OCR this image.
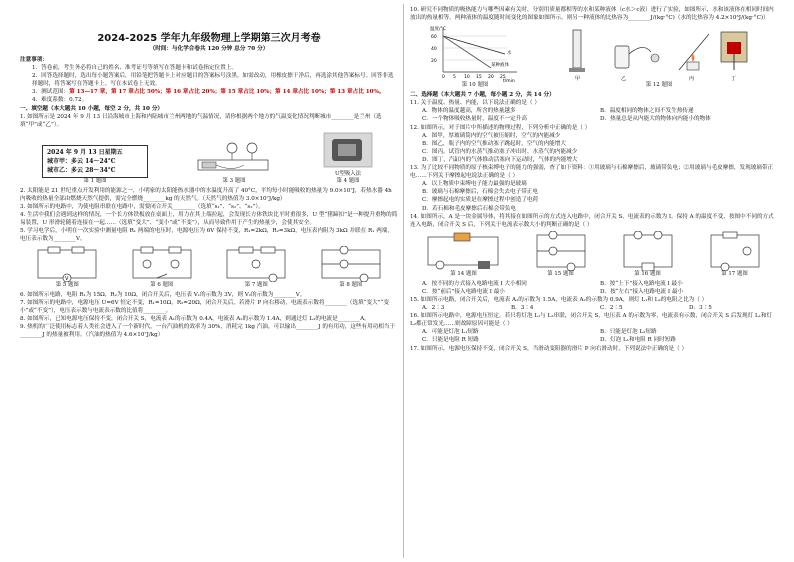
2024-2025 学年九年级物理上学期第三次月考卷
（时间：与化学合卷共 120 分钟 总分 70 分）

注意事项：

1．答卷前，考生务必将自己的姓名、准考证号等填写在答题卡和试卷指定位置上。

2．回答选择题时，选出每小题答案后，用铅笔把答题卡上对应题目的答案标号涂黑。如需改动，用橡皮擦干净后，再选涂其他答案标号。回答非选择题时，将答案写在答题卡上。写在本试卷上无效。

3．测试范围：第 13—17 章，第 17 章占比 50%；第 16 章占比 20%；第 15 章占比 10%；第 14 章占比 10%；第 13 章占比 10%。

4．难度系数：0.72。

一、填空题（本大题共 10 小题，每空 2 分，共 10 分）

1. 如图所示是 2024 年 9 月 13 日沿海城市上海和内陆城市兰州两地的气温情况，请你根据两个地方的气温变化情况判断城市________是兰州（选填“甲”或“乙”）。

2024 年 9 月 13 日星期五
城市甲：多云 14～24°C
城市乙：多云 28～34°C
第 1 题图	第 3 题图
U型吸入法
第 4 题图

2. 太阳能是 21 世纪重点开发利用的能源之一，小明家的太阳能热水器中的水温度升高了 40°C，平均每小时能吸收的热量为 9.0×10⁷J，若热水器 4h 内吸收的热量全部由燃烧天然气提供，需完全燃烧________kg 的天然气。（天然气的热值为 3.0×10⁷J/kg）

3. 如图所示的电路中，为使电阻串联在电路中，需要闭合开关________（选填“s₁”、“s₂”、“s₃”）。

4. 生活中我们会遇到这样的情况，一个长方体铁板放在桌面上，用力在其上端拉起，会发现长方体铁块比平时重很多，U 型“猪蹄扣”是一种提升重物的简易装置，U 形滑轮随着连接在一起……（选填“变大”、“变小”或“不变”），从而导致作用于产生的热量少，会使其安全。

5. 学习电学后，小明在一次实验中测量电阻 R₁ 两端的电压时，电源电压为 6V 保持不变，R₁=2kΩ，R₂=3kΩ，电压表内阻为 3kΩ 并联在 R₁ 两端，电压表示数为________V。

V
第 5 题图	第 6 题图	第 7 题图	第 8 题图

6. 如图所示电路，电阻 R₁为 15Ω，R₂为 10Ω，闭合开关后，电压表 V₁的示数为 3V，则 V₂的示数为________V。

7. 如图所示的电路中，电源电压 U=6V 恒定不变，R₁=10Ω，R₂=20Ω，闭合开关后，若滑片 P 向右移动，电流表示数将________（选填“变大”“变小”或“不变”），电压表示数与电流表示数的比值将________。

8. 如图所示，已知电源电压保持不变，闭合开关 S，电流表 A₁的示数为 0.4A，电流表 A₂的示数为 1.4A，则通过灯 L₂的电流是________A。

9. 热机的广泛使用标志着人类社会进入了一个新时代，一台汽油机的效率为 30%，消耗完 1kg 汽油，可以输出________J 的有用功，这些有用功相当于________J 的热量被利用。（汽油的热值为 4.6×10⁷J/kg）

10. 研究不同物质的吸热能力与哪些因素有关时，分别用质量都相等的水和某种液体（c水＞c液）进行了实验，如图所示，水和该液体在相同时间内放出的热量相等，两种液体的温度随时间变化的图象如图所示，则另一种液体的比热容为________J/(kg·°C)（水的比热容为 4.2×10³J/(kg·°C)）

温度/°C
60
40
20
0 5 10 15 20 25
t/min
水
某种液体
第 10 题图
甲	乙	丙	丁
第 12 题图

二、选择题（本大题共 7 小题，每小题 2 分，共 14 分）

11. 关于温度、热量、内能，以下说法正确的是（ ）

A．物体的温度越高，所含的热量越多	B．温度相同的物体之间不发生热传递
C．一个物体吸收热量时，温度不一定升高	D．热量总是从内能大的物体向内能小的物体

12. 如图所示，对于图片中所描述的物理过程，下列分析中正确的是（ ）

A．图甲，厚玻璃筒内的空气被压缩时，空气的内能减少

B．图乙，瓶子内的空气推动塞子跳起时，空气的内能增大

C．图丙，试管内的水蒸气推动塞子冲出时，水蒸气的内能减少

D．图丁，汽缸内的气体推动活塞向下运动时，气体的内能增大

13. 为了比较不同物质的原子核束缚电子的能力的强弱，查了如下资料：①用玻璃与石棉摩擦后，玻璃带负电；②用玻璃与毛皮摩擦，发现玻璃带正电……下列关于摩擦起电说法正确的是（ ）

A．以上物质中束缚电子能力最强的是玻璃

B．玻璃与石棉摩擦后，石棉会失去电子带正电

C．摩擦起电的实质是在摩擦过程中创造了电荷

D．若石棉和毛皮摩擦后石棉会带负电

14. 如图所示，A 是一块金属导体，将其接在如图所示的方式连入电路中，闭合开关 S，电流表的示数为 I。保持 A 的温度不变，按图中不同的方式连入电路，闭合开关 S 后，下列关于电流表示数大小的判断正确的是（ ）

第 14 题图	第 15 题图	第 16 题图	第 17 题图
A．按不同的方式接入电路电流 I 大小相同	B．按“上下”接入电路电流 I 最小
C．按“前后”接入电路电流 I 最小	D．按“左右”接入电路电流 I 最小

15. 如图所示电路，闭合开关后，电流表 A₁的示数为 1.5A，电流表 A₂的示数为 0.9A，则灯 L₁和 L₂的电阻之比为（ ）

A．2∶3	B．3∶4	C．2∶5	D．3∶5

16. 如图所示电路中，电源电压恒定，若只将灯泡 L₁与 L₂串联，闭合开关 S，电压表 A 的示数为零，电流表有示数，闭合开关 S 后发现灯 L₁和灯 L₂都正常发光……则故障原因可能是（ ）

A．可能是灯泡 L₁短路	B．只能是灯泡 L₂短路
C．只能是电阻 R 短路	D．灯泡 L₁和电阻 R 同时短路

17. 如图所示，电源电压保持不变，闭合开关 S，当滑动变阻器的滑片 P 向右滑动时，下列说法中正确的是（ ）
